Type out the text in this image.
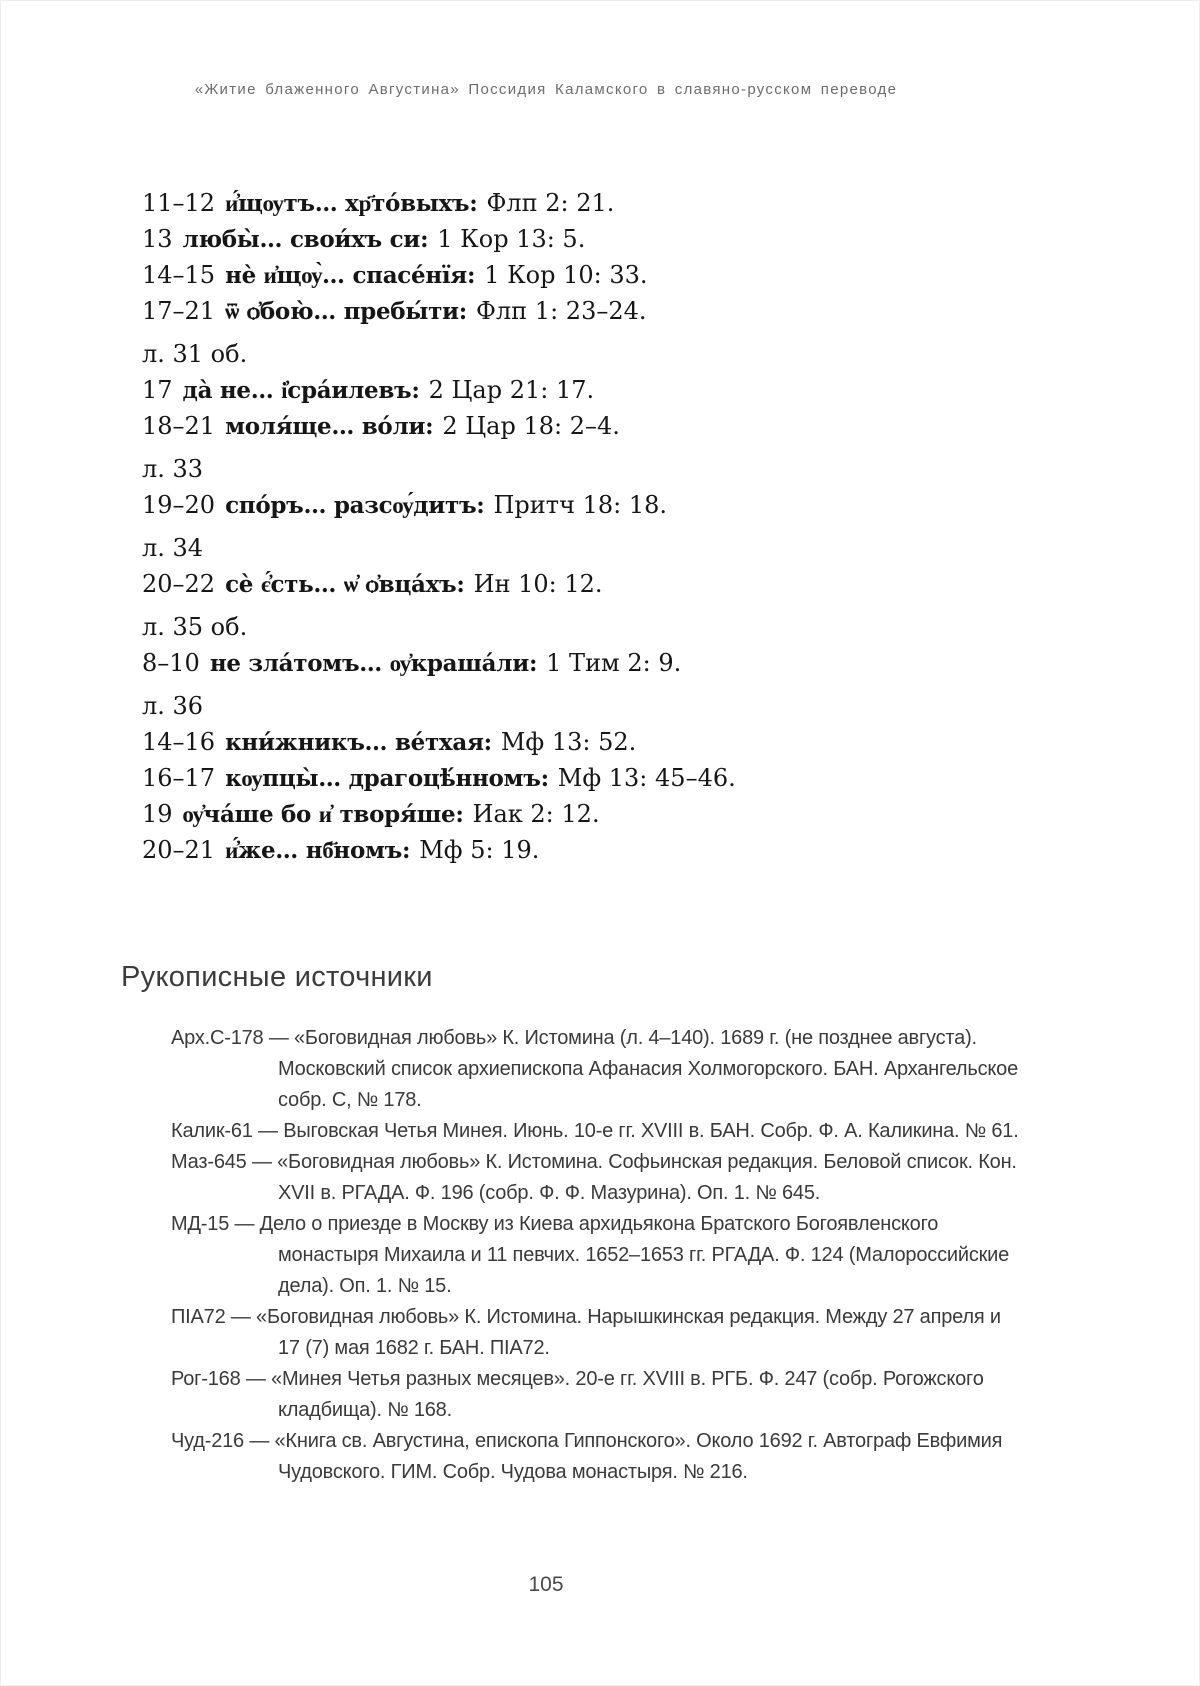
«Житие блаженного Августина» Поссидия Каламского в славяно-русском переводе
11–12 и҆́щѹтъ… хр҃то́выхъ: Флп 2: 21.
13 любы̀… свои́хъ си: 1 Кор 13: 5.
14–15 нѐ и҆щѹ̀… спасе́нїя: 1 Кор 10: 33.
17–21 ѿ ѻ҆бою̀… пребы́ти: Флп 1: 23–24.
л. 31 об.
17 да̀ не… і҆сра́илевъ: 2 Цар 21: 17.
18–21 моля́ще… во́ли: 2 Цар 18: 2–4.
л. 33
19–20 спо́ръ… разсѹ́дитъ: Притч 18: 18.
л. 34
20–22 сѐ є҆́сть… ѡ҆ ѻ҆вца́хъ: Ин 10: 12.
л. 35 об.
8–10 не зла́томъ… ѹ҆краша́ли: 1 Тим 2: 9.
л. 36
14–16 кни́жникъ… ве́тхая: Мф 13: 52.
16–17 кѹпцы̀… драгоцѣ́нномъ: Мф 13: 45–46.
19 ѹ҆ча́ше бо и҆ творя́ше: Иак 2: 12.
20–21 и҆́же… нб҃номъ: Мф 5: 19.
Рукописные источники
Арх.С-178 — «Боговидная любовь» К. Истомина (л. 4–140). 1689 г. (не позднее августа). Московский список архиепископа Афанасия Холмогорского. БАН. Архангельское собр. С, № 178.
Калик-61 — Выговская Четья Минея. Июнь. 10-е гг. XVIII в. БАН. Собр. Ф. А. Каликина. № 61.
Маз-645 — «Боговидная любовь» К. Истомина. Софьинская редакция. Беловой список. Кон. XVII в. РГАДА. Ф. 196 (собр. Ф. Ф. Мазурина). Оп. 1. № 645.
МД-15 — Дело о приезде в Москву из Киева архидьякона Братского Богоявленского монастыря Михаила и 11 певчих. 1652–1653 гг. РГАДА. Ф. 124 (Малороссийские дела). Оп. 1. № 15.
ПIА72 — «Боговидная любовь» К. Истомина. Нарышкинская редакция. Между 27 апреля и 17 (7) мая 1682 г. БАН. ПIА72.
Рог-168 — «Минея Четья разных месяцев». 20-е гг. XVIII в. РГБ. Ф. 247 (собр. Рогожского кладбища). № 168.
Чуд-216 — «Книга св. Августина, епископа Гиппонского». Около 1692 г. Автограф Евфимия Чудовского. ГИМ. Собр. Чудова монастыря. № 216.
105
